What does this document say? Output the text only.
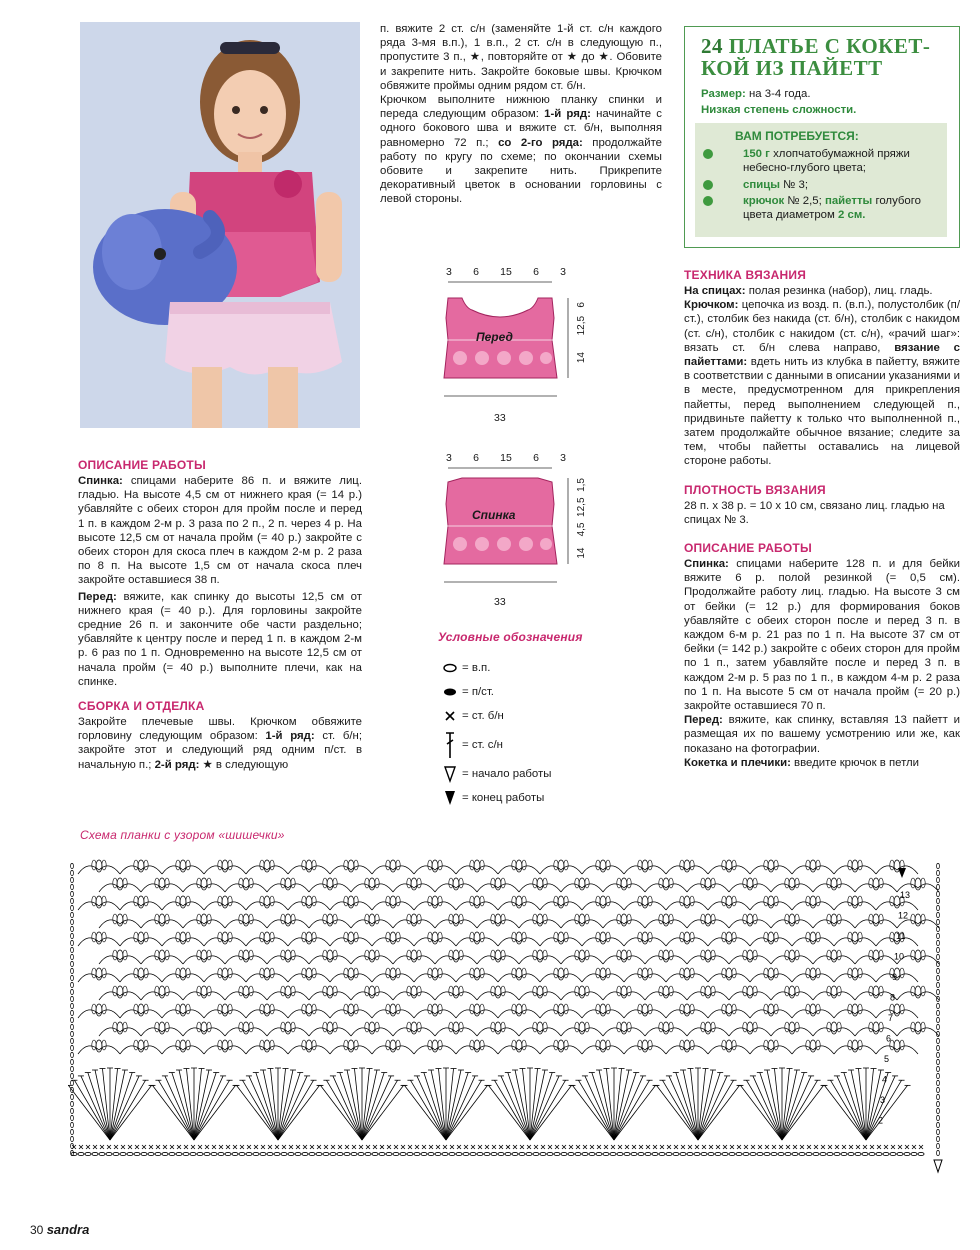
п. вяжите 2 ст. с/н (заменяйте 1-й ст. с/н каждого ряда 3-мя в.п.), 1 в.п., 2 ст. с/н в следующую п., пропустите 3 п., ★, повторяйте от ★ до ★. Обовите и закрепите нить. Закройте боковые швы. Крючком обвяжите проймы одним рядом ст. б/н.

Крючком выполните нижнюю планку спинки и переда следующим образом: 1-й ряд: начинайте с одного бокового шва и вяжите ст. б/н, выполняя равномерно 72 п.; со 2-го ряда: продолжайте работу по кругу по схеме; по окончании схемы обовите и закрепите нить. Прикрепите декоративный цветок в основании горловины с левой стороны.

24 ПЛАТЬЕ С КОКЕТ-
КОЙ ИЗ ПАЙЕТТ

Размер: на 3-4 года.

Низкая степень сложности.

ВАМ ПОТРЕБУЕТСЯ:

150 г хлопчатобумажной пряжи небесно-глубого цвета;

спицы № 3;

крючок № 2,5; пайетты голубого цвета диаметром 2 см.

ТЕХНИКА ВЯЗАНИЯ

На спицах: полая резинка (набор), лиц. гладь.
Крючком: цепочка из возд. п. (в.п.), полустолбик (п/ст.), столбик без накида (ст. б/н), столбик с накидом (ст. с/н), столбик с накидом (ст. с/н), «рачий шаг»: вязать ст. б/н слева направо, вязание с пайеттами: вдеть нить из клубка в пайетту, вяжите в соответствии с данными в описании указаниями и в месте, предусмотренном для прикрепления пайетты, перед выполнением следующей п., придвиньте пайетту к только что выполненной п., затем продолжайте обычное вязание; следите за тем, чтобы пайетты оставались на лицевой стороне работы.

ПЛОТНОСТЬ ВЯЗАНИЯ

28 п. х 38 р. = 10 х 10 см, связано лиц. гладью на спицах № 3.

ОПИСАНИЕ РАБОТЫ

Спинка: спицами наберите 128 п. и для бейки вяжите 6 р. полой резинкой (= 0,5 см). Продолжайте работу лиц. гладью. На высоте 3 см от бейки (= 12 р.) для формирования боков убавляйте с обеих сторон после и перед 3 п. в каждом 6-м р. 21 раз по 1 п. На высоте 37 см от бейки (= 142 р.) закройте с обеих сторон для пройм по 1 п., затем убавляйте после и перед 3 п. в каждом 2-м р. 5 раз по 1 п., в каждом 4-м р. 2 раза по 1 п. На высоте 5 см от начала пройм (= 20 р.) закройте оставшиеся 70 п.
Перед: вяжите, как спинку, вставляя 13 пайетт и размещая их по вашему усмотрению или же, как показано на фотографии.
Кокетка и плечики: введите крючок в петли

ОПИСАНИЕ РАБОТЫ

Спинка: спицами наберите 86 п. и вяжите лиц. гладью. На высоте 4,5 см от нижнего края (= 14 р.) убавляйте с обеих сторон для пройм после и перед 1 п. в каждом 2-м р. 3 раза по 2 п., 2 п. через 4 р. На высоте 12,5 см от начала пройм (= 40 р.) закройте с обеих сторон для скоса плеч в каждом 2-м р. 2 раза по 8 п. На высоте 1,5 см от начала скоса плеч закройте оставшиеся 38 п.

Перед: вяжите, как спинку до высоты 12,5 см от нижнего края (= 40 р.). Для горловины закройте средние 26 п. и закончите обе части раздельно; убавляйте к центру после и перед 1 п. в каждом 2-м р. 6 раз по 1 п. Одновременно на высоте 12,5 см от начала пройм (= 40 р.) выполните плечи, как на спинке.

СБОРКА И ОТДЕЛКА

Закройте плечевые швы. Крючком обвяжите горловину следующим образом: 1-й ряд: ст. б/н; закройте этот и следующий ряд одним п/ст. в начальную п.; 2-й ряд: ★ в следующую

3 6 15 6 3
Перед
33
14      12,5   6
3 6 15 6 3
Спинка
33
14    4,5  12,5  1,5

Условные обозначения

= в.п.
= п/ст.
= ст. б/н
= ст. с/н
= начало работы
= конец работы

Схема планки с узором «шишечки»

13
12
11
10
9
8
7
6
5
4
3
2
30 sandra
